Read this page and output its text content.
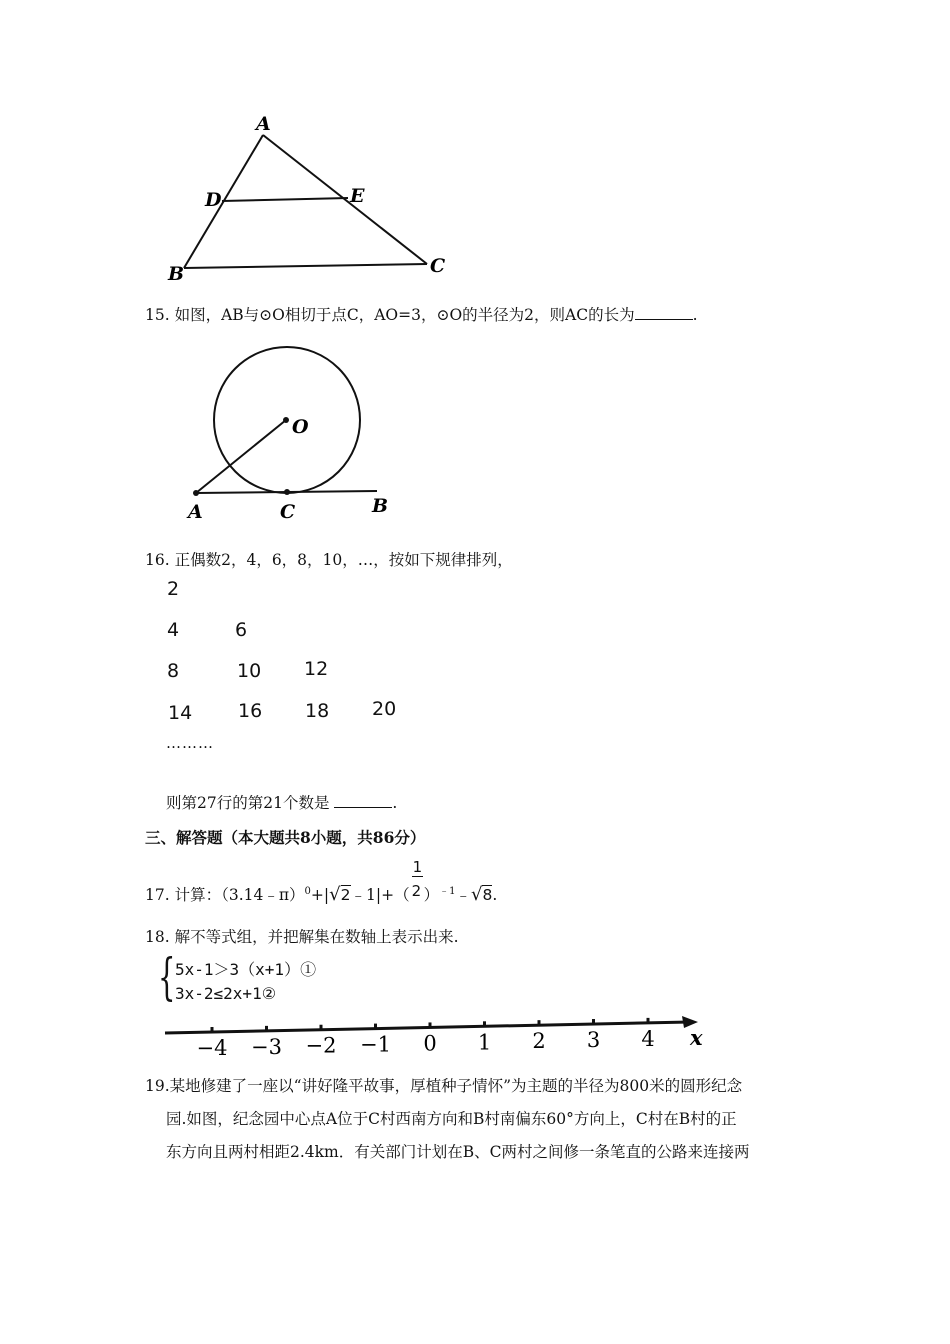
A
D	E
B	C
15. 如图，AB与⊙O相切于点C，AO=3，⊙O的半径为2，则AC的长为	.
O
A	C	B
16. 正偶数2，4，6，8，10，…，按如下规律排列，
2
4	6
8	10 12
14 16 18 20
………
则第27行的第21个数是	.
三、解答题（本大题共8小题，共86分）
17. 计算：（3.14﹣π）$^0$+|√2﹣1|+（ $\frac{1}{2}$ ）$^{﹣1}$﹣√8.
18. 解不等式组，并把解集在数轴上表示出来.
{ 5x-1＞3（x+1）①
3x-2≤2x+1②
−4 −3 −2 −1 0 1 2 3 4 x
19.某地修建了一座以“讲好隆平故事，厚植种子情怀”为主题的半径为800米的圆形纪念
园.如图，纪念园中心点A位于C村西南方向和B村南偏东60°方向上，C村在B村的正
东方向且两村相距2.4km．有关部门计划在B、C两村之间修一条笔直的公路来连接两
